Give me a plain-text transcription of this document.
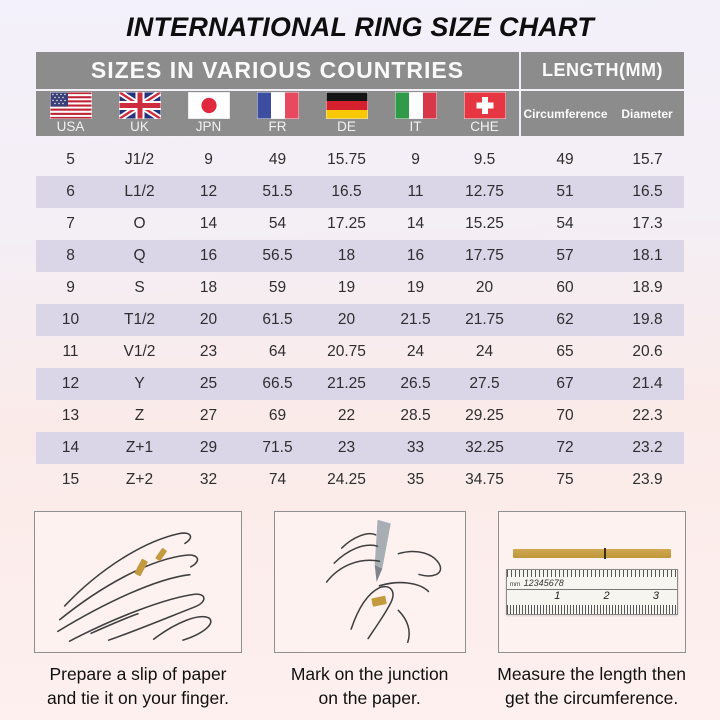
INTERNATIONAL RING SIZE CHART
SIZES IN VARIOUS COUNTRIES	LENGTH(MM)
USA	UK	JPN	FR	DE	IT	CHE
Circumference Diameter
5	J1/2	9	49	15.75	9	9.5	49	15.7
6	L1/2	12	51.5	16.5	11	12.75	51	16.5
7	O	14	54	17.25	14	15.25	54	17.3
8	Q	16	56.5	18	16	17.75	57	18.1
9	S	18	59	19	19	20	60	18.9
10	T1/2	20	61.5	20	21.5	21.75	62	19.8
11	V1/2	23	64	20.75	24	24	65	20.6
12	Y	25	66.5	21.25	26.5	27.5	67	21.4
13	Z	27	69	22	28.5	29.25	70	22.3
14	Z+1	29	71.5	23	33	32.25	72	23.2
15	Z+2	32	74	24.25	35	34.75	75	23.9
Prepare a slip of paper
and tie it on your finger.
Mark on the junction
on the paper.
mm 12345678
1	2	3
Measure the length then
get the circumference.
